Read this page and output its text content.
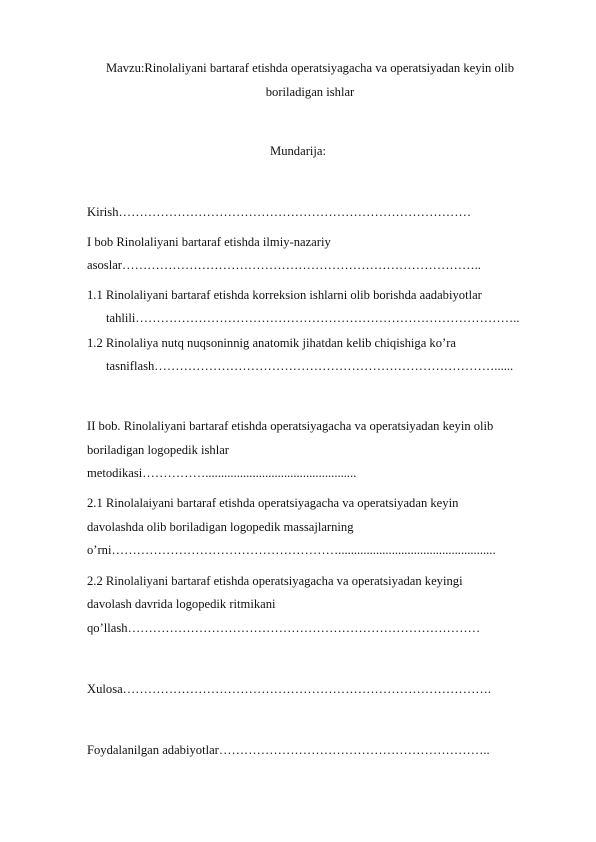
Mavzu:Rinolaliyani bartaraf etishda operatsiyagacha va operatsiyadan keyin olib
boriladigan ishlar
Mundarija:
Kirish…………………………………………………………………………
I bob Rinolaliyani bartaraf etishda ilmiy-nazariy
asoslar…………………………………………………………………………..
1.1 Rinolaliyani bartaraf etishda korreksion ishlarni olib borishda aadabiyotlar
tahlili………………………………………………………………………………..
1.2 Rinolaliya nutq nuqsoninnig anatomik jihatdan kelib chiqishiga ko’ra
tasniflash………………………………………………………………………......
II bob. Rinolaliyani bartaraf etishda operatsiyagacha va operatsiyadan keyin olib
boriladigan logopedik ishlar
metodikasi……………................................................
2.1 Rinolalaiyani bartaraf etishda operatsiyagacha va operatsiyadan keyin
davolashda olib boriladigan logopedik massajlarning
o’rni………………………………………………..................................................
2.2 Rinolaliyani bartaraf etishda operatsiyagacha va operatsiyadan keyingi
davolash davrida logopedik ritmikani
qo’llash…………………………………………………………………………
Xulosa…………………………………………………………………………….
Foydalanilgan adabiyotlar………………………………………………………..
